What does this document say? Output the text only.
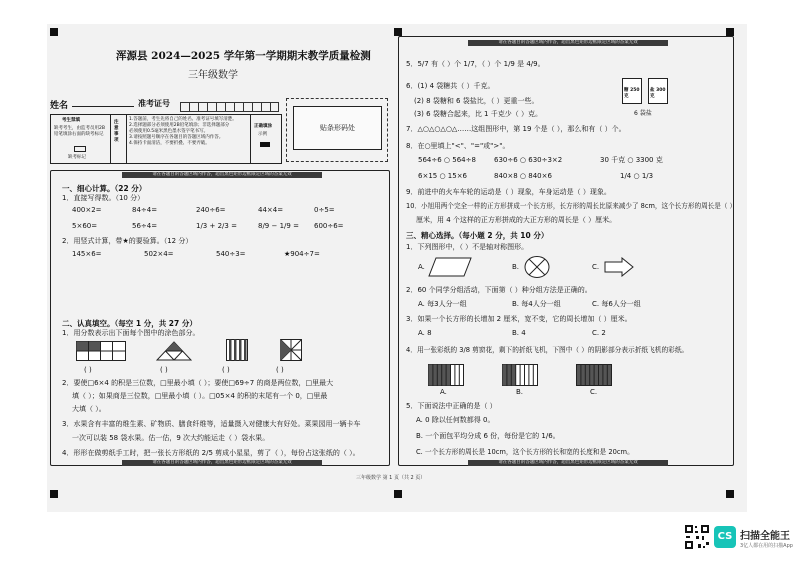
浑源县 2024—2025 学年第一学期期末教学质量检测
三年级数学
姓名	准考证号
贴条形码处
考生禁填
缺考考生，由监考员用2B铅笔填涂右面的缺考标记
缺考标记
注意事项
1.答题前，考生先将自己的姓名、准考证号填写清楚。
2.选择题部分必须使用2B铅笔填涂；非选择题部分
必须使用0.5毫米黑色墨水签字笔书写。
3.请按照题号顺序在各题目的答题区域内作答。
4.保持卡面清洁，不要折叠、不要弄破。
正确填涂
示例
请在各题目的答题区域内作答，超出黑色矩形边框限定区域的答案无效
一、细心计算。（22 分）
1．直接写得数。（10 分）
400×2=	84÷4=	240÷6=	44×4=	0÷5=
5×60=	56÷4=	1/3 + 2/3 =	8/9 − 1/9 = 600÷6=
2．用竖式计算，带★的要验算。（12 分）
145×6=	502×4=	540÷3=	★904÷7=
二、认真填空。（每空 1 分，共 27 分）
1．用分数表示出下面每个图中的涂色部分。
( )	( )	( )	( )
2．要使□6×4 的积是三位数，□里最小填（ ）；要使□69÷7 的商是两位数，□里最大
填（ ）；如果商是三位数，□里最小填（ ）。□05×4 的积的末尾有一个 0，□里最
大填（ ）。
3．水果含有丰富的维生素、矿物质、膳食纤维等，适量摄入对健康大有好处。菜果园用一辆卡车
一次可以装 58 袋水果。估一估，9 次大约能运走（ ）袋水果。
4．形形在做剪纸手工时，把一张长方形纸的 2/5 剪成小星星，剪了（ ），每份占这张纸的（ ）。
请在各题目的答题区域内作答，超出黑色矩形边框限定区域的答案无效
请在各题目的答题区域内作答，超出黑色矩形边框限定区域的答案无效
5．5/7 有（ ）个 1/7，（ ）个 1/9 是 4/9。
6．(1) 4 袋糖共（ ）千克。
(2) 8 袋糖和 6 袋盐比，（ ）更重一些。
(3) 6 袋糖合起来，比 1 千克少（ ）克。
糖 250克
盐 300克
6 袋盐
7．△○△○△○△……这组图形中，第 19 个是（ ），那么和有（ ）个。
8．在○里填上"<"、"="或">"。
564÷6 ○ 564÷8	630÷6 ○ 630÷3×2	30 千克 ○ 3300 克
6×15 ○ 15×6	840×8 ○ 840×6	1/4 ○ 1/3
9．前进中的火车车轮的运动是（ ）现象，车身运动是（ ）现象。
10．小旭用两个完全一样的正方形拼成一个长方形，长方形的周长比原来减少了 8cm，这个长方形的周长是（ ）
厘米，用 4 个这样的正方形拼成的大正方形的周长是（ ）厘米。
三、精心选择。（每小题 2 分，共 10 分）
1．下列图形中，（ ）不是轴对称图形。
A.	B.	C.
2．60 个同学分组活动，下面第（ ）种分组方法是正确的。
A. 每3人分一组	B. 每4人分一组	C. 每6人分一组
3．如果一个长方形的长增加 2 厘米，宽不变，它的周长增加（ ）厘米。
A. 8	B. 4	C. 2
4．用一张彩纸的 3/8 剪窗花，剩下的折纸飞机，下图中（ ）的阴影部分表示折纸飞机的彩纸。
A.	B.	C.
5．下面说法中正确的是（ ）
A. 0 除以任何数都得 0。
B. 一个面包平均分成 6 份，每份是它的 1/6。
C. 一个长方形的周长是 10cm，这个长方形的长和宽的长度和是 20cm。
请在各题目的答题区域内作答，超出黑色矩形边框限定区域的答案无效
三年级数学 第 1 页（共 2 页）
CS 扫描全能王
3亿人都在用的扫描App
